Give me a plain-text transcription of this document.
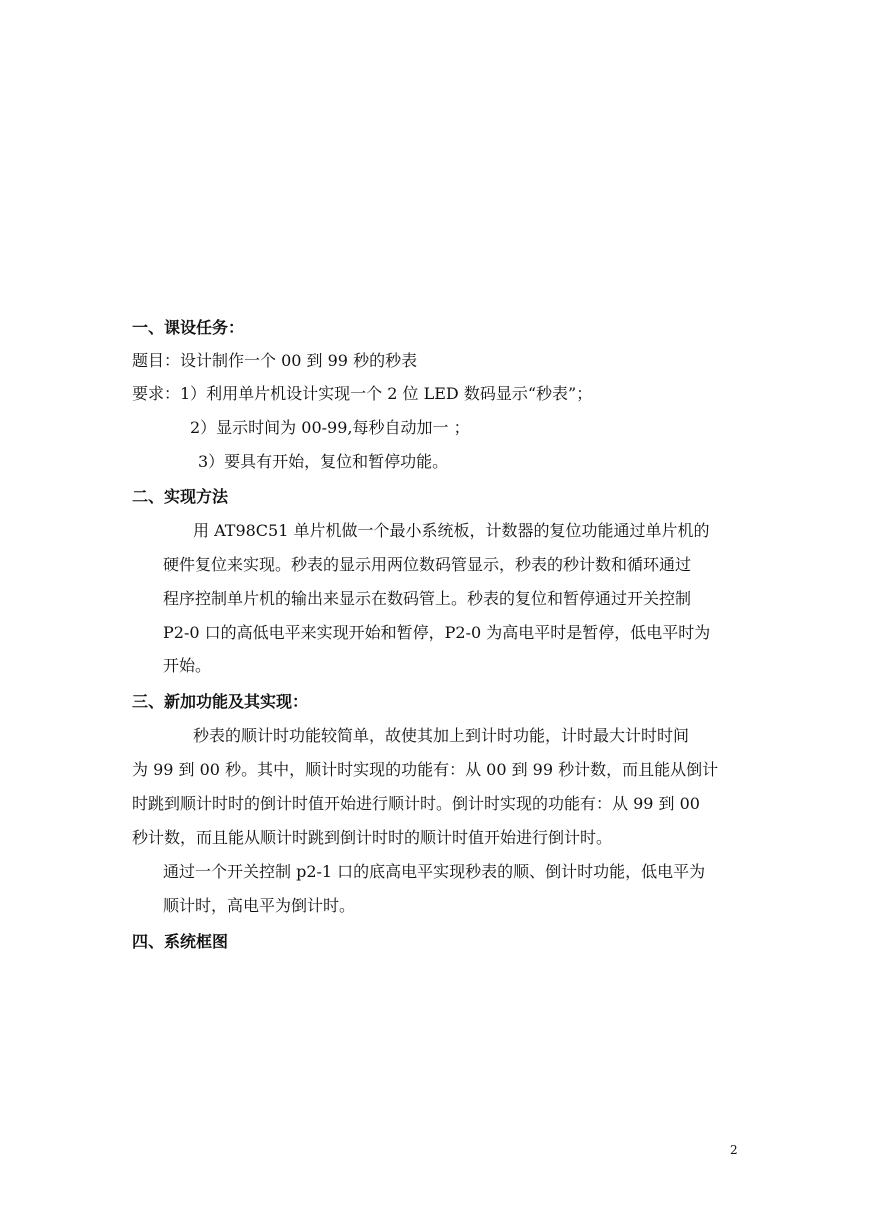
一、课设任务：
题目：设计制作一个 00 到 99 秒的秒表
要求：1）利用单片机设计实现一个 2 位 LED 数码显示“秒表”；
2）显示时间为 00-99,每秒自动加一 ；
3）要具有开始，复位和暂停功能。
二、实现方法
用 AT98C51 单片机做一个最小系统板，计数器的复位功能通过单片机的
硬件复位来实现。秒表的显示用两位数码管显示，秒表的秒计数和循环通过
程序控制单片机的输出来显示在数码管上。秒表的复位和暂停通过开关控制
P2-0 口的高低电平来实现开始和暂停，P2-0 为高电平时是暂停，低电平时为
开始。
三、新加功能及其实现：
秒表的顺计时功能较简单，故使其加上到计时功能，计时最大计时时间
为 99 到 00 秒。其中，顺计时实现的功能有：从 00 到 99 秒计数，而且能从倒计
时跳到顺计时时的倒计时值开始进行顺计时。倒计时实现的功能有：从 99 到 00
秒计数，而且能从顺计时跳到倒计时时的顺计时值开始进行倒计时。
通过一个开关控制 p2-1 口的底高电平实现秒表的顺、倒计时功能，低电平为
顺计时，高电平为倒计时。
四、系统框图
2
